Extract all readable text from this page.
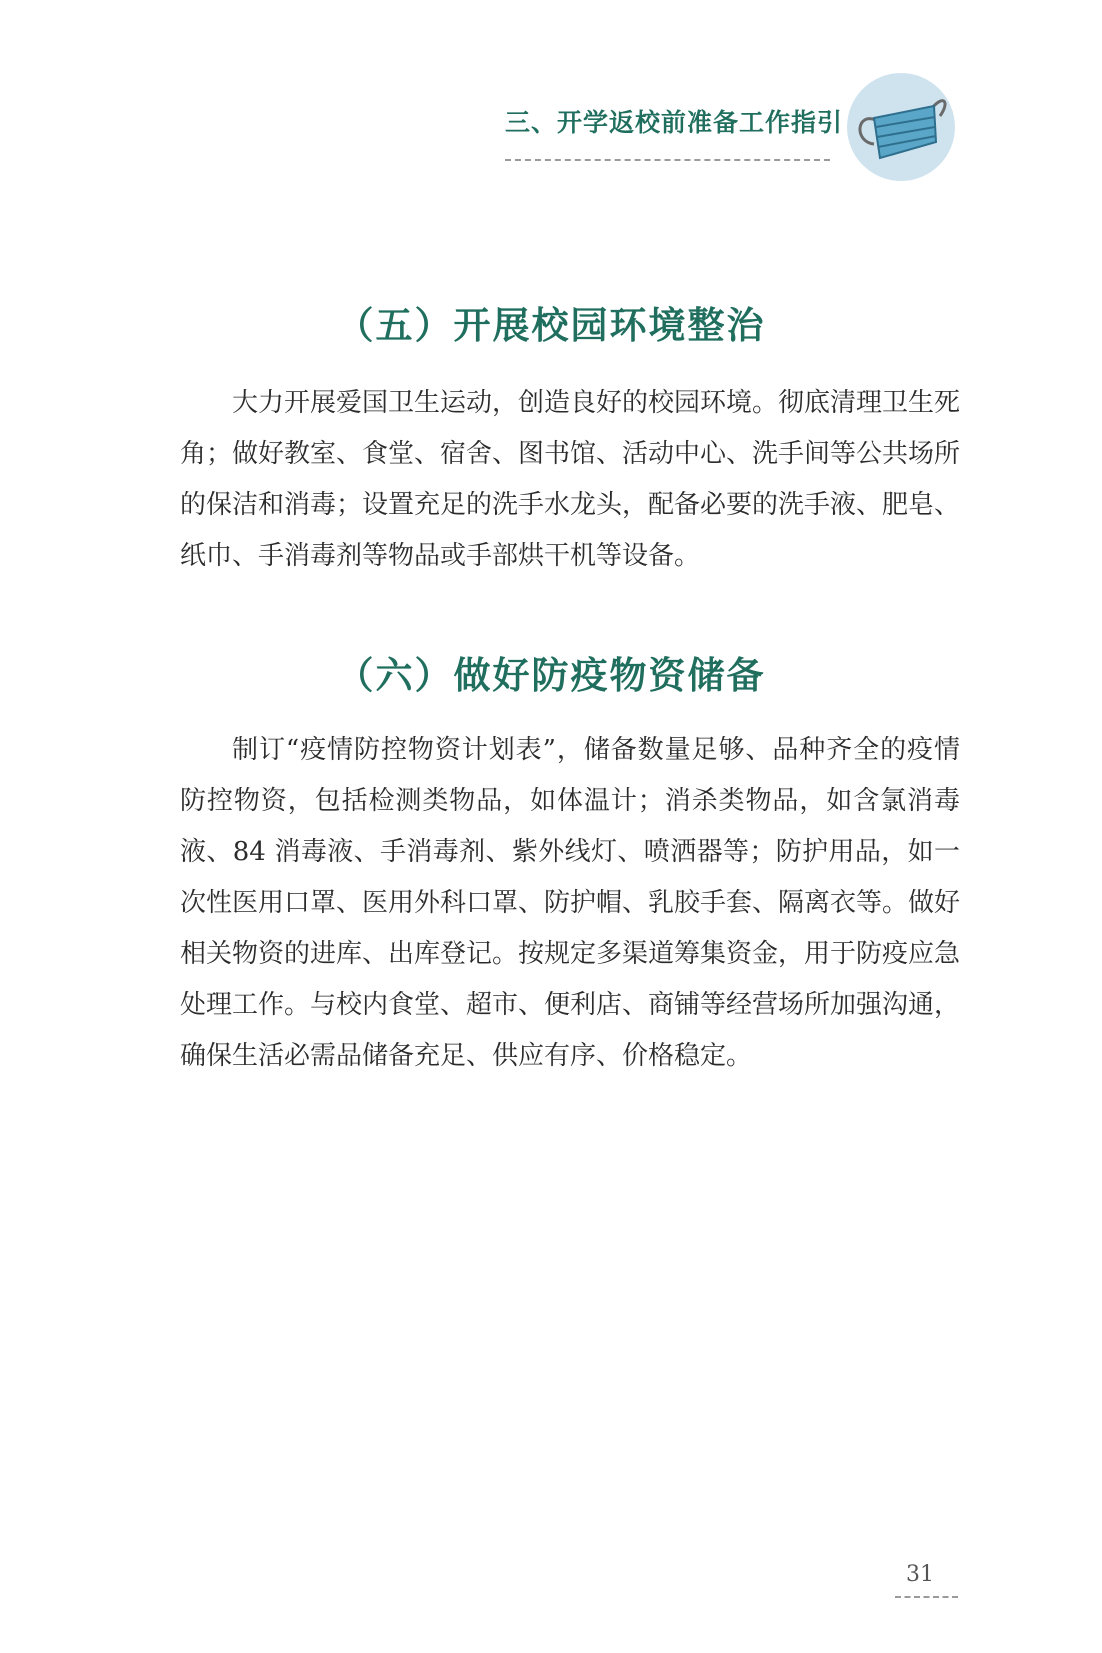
三、开学返校前准备工作指引
（五）开展校园环境整治

大力开展爱国卫生运动，创造良好的校园环境。彻底清理卫生死角；做好教室、食堂、宿舍、图书馆、活动中心、洗手间等公共场所的保洁和消毒；设置充足的洗手水龙头，配备必要的洗手液、肥皂、纸巾、手消毒剂等物品或手部烘干机等设备。

（六）做好防疫物资储备

制订“疫情防控物资计划表”，储备数量足够、品种齐全的疫情防控物资，包括检测类物品，如体温计；消杀类物品，如含氯消毒液、84 消毒液、手消毒剂、紫外线灯、喷洒器等；防护用品，如一次性医用口罩、医用外科口罩、防护帽、乳胶手套、隔离衣等。做好相关物资的进库、出库登记。按规定多渠道筹集资金，用于防疫应急处理工作。与校内食堂、超市、便利店、商铺等经营场所加强沟通，确保生活必需品储备充足、供应有序、价格稳定。

31
